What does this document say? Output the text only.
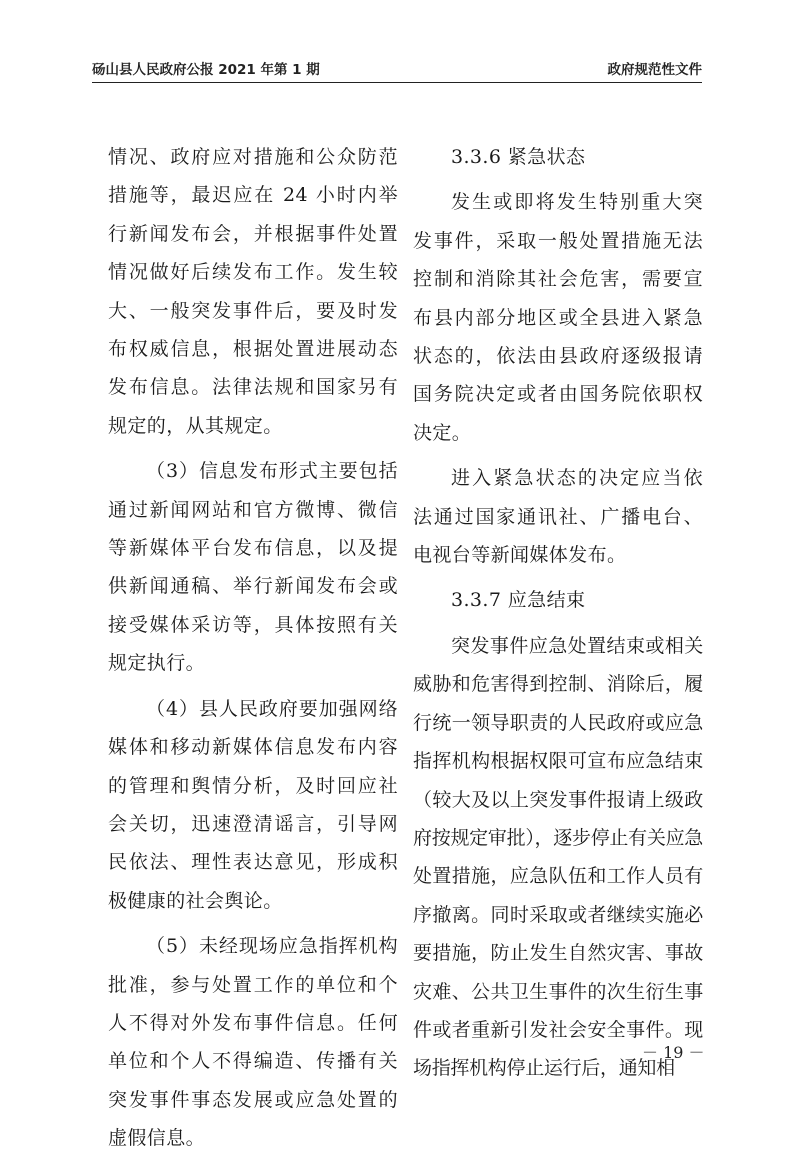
砀山县人民政府公报 2021 年第 1 期	政府规范性文件

情况、政府应对措施和公众防范措施等，最迟应在 24 小时内举行新闻发布会，并根据事件处置情况做好后续发布工作。发生较大、一般突发事件后，要及时发布权威信息，根据处置进展动态发布信息。法律法规和国家另有规定的，从其规定。

（3）信息发布形式主要包括通过新闻网站和官方微博、微信等新媒体平台发布信息，以及提供新闻通稿、举行新闻发布会或接受媒体采访等，具体按照有关规定执行。

（4）县人民政府要加强网络媒体和移动新媒体信息发布内容的管理和舆情分析，及时回应社会关切，迅速澄清谣言，引导网民依法、理性表达意见，形成积极健康的社会舆论。

（5）未经现场应急指挥机构批准，参与处置工作的单位和个人不得对外发布事件信息。任何单位和个人不得编造、传播有关突发事件事态发展或应急处置的虚假信息。

3.3.6 紧急状态

发生或即将发生特别重大突发事件，采取一般处置措施无法控制和消除其社会危害，需要宣布县内部分地区或全县进入紧急状态的，依法由县政府逐级报请国务院决定或者由国务院依职权决定。

进入紧急状态的决定应当依法通过国家通讯社、广播电台、电视台等新闻媒体发布。

3.3.7 应急结束

突发事件应急处置结束或相关威胁和危害得到控制、消除后，履行统一领导职责的人民政府或应急指挥机构根据权限可宣布应急结束（较大及以上突发事件报请上级政府按规定审批），逐步停止有关应急处置措施，应急队伍和工作人员有序撤离。同时采取或者继续实施必要措施，防止发生自然灾害、事故灾难、公共卫生事件的次生衍生事件或者重新引发社会安全事件。现场指挥机构停止运行后，通知相

－ 19 －
